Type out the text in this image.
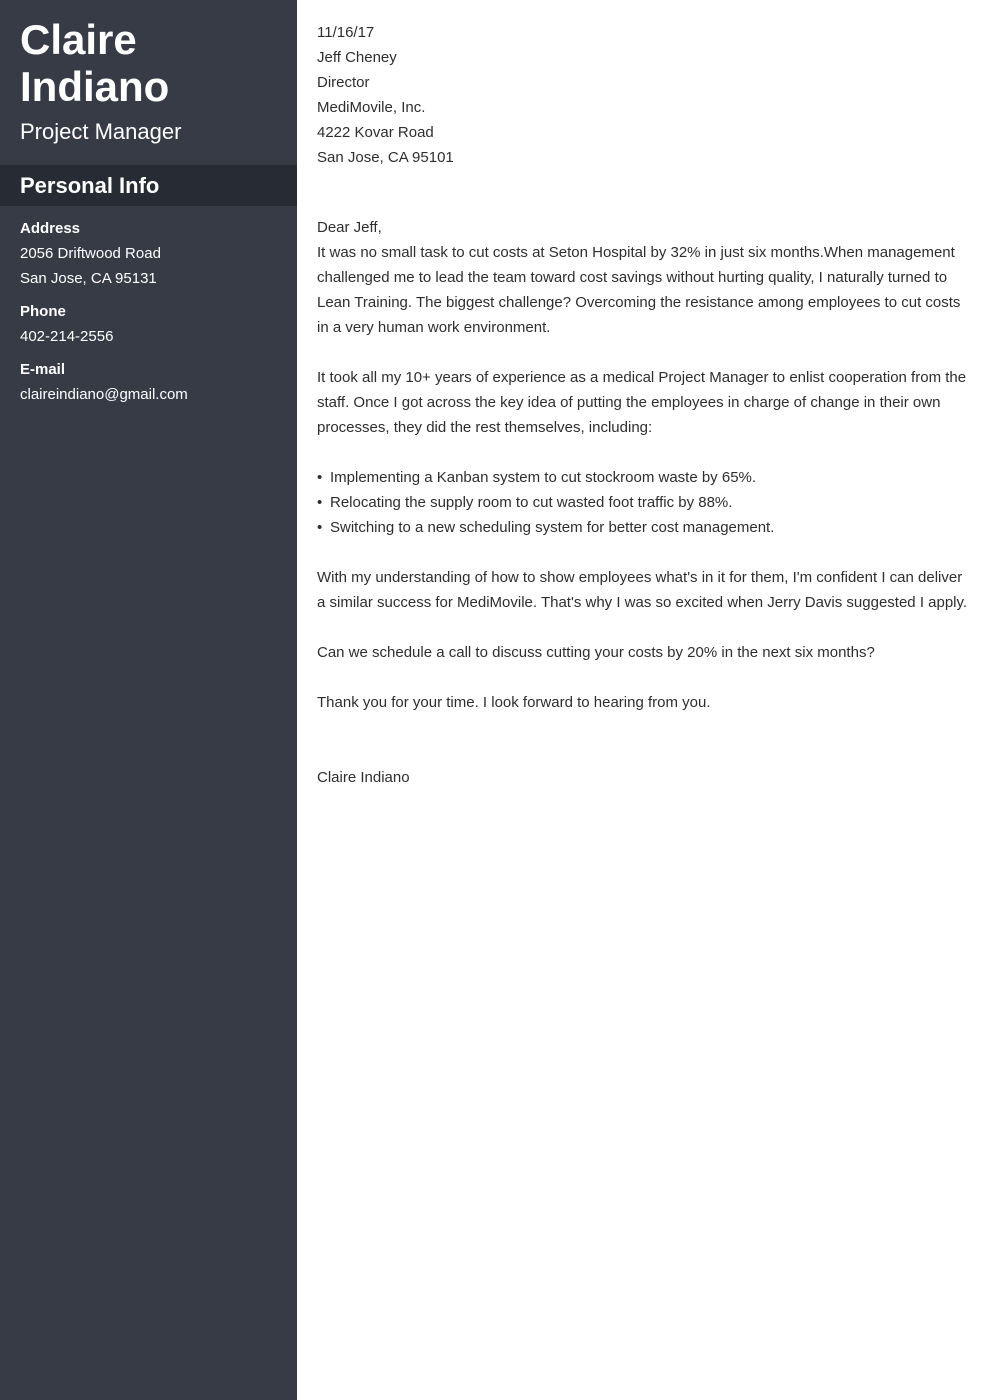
Claire Indiano
Project Manager
Personal Info
Address
2056 Driftwood Road
San Jose, CA 95131
Phone
402-214-2556
E-mail
claireindiano@gmail.com

11/16/17

Jeff Cheney

Director

MediMovile, Inc.

4222 Kovar Road

San Jose, CA 95101

Dear Jeff,

It was no small task to cut costs at Seton Hospital by 32% in just six months.When management challenged me to lead the team toward cost savings without hurting quality, I naturally turned to Lean Training. The biggest challenge? Overcoming the resistance among employees to cut costs in a very human work environment.

It took all my 10+ years of experience as a medical Project Manager to enlist cooperation from the staff. Once I got across the key idea of putting the employees in charge of change in their own processes, they did the rest themselves, including:

• Implementing a Kanban system to cut stockroom waste by 65%.
• Relocating the supply room to cut wasted foot traffic by 88%.
• Switching to a new scheduling system for better cost management.

With my understanding of how to show employees what's in it for them, I'm confident I can deliver a similar success for MediMovile. That's why I was so excited when Jerry Davis suggested I apply.

Can we schedule a call to discuss cutting your costs by 20% in the next six months?

Thank you for your time. I look forward to hearing from you.

Claire Indiano
